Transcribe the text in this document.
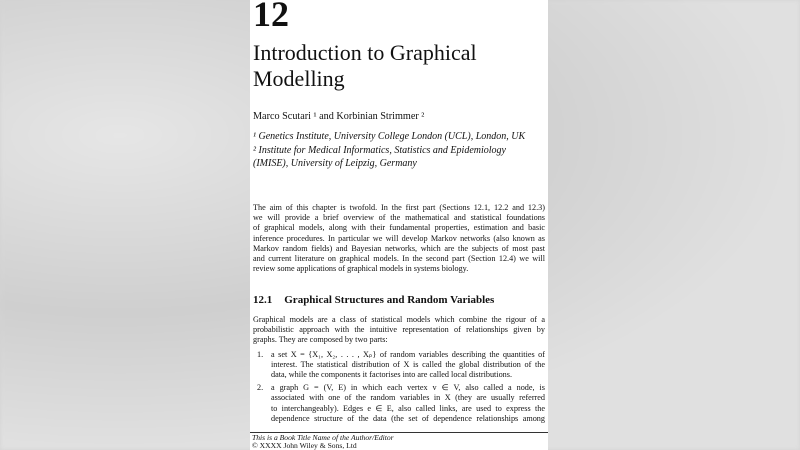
12
Introduction to Graphical
Modelling
Marco Scutari ¹ and Korbinian Strimmer ²
¹ Genetics Institute, University College London (UCL), London, UK
² Institute for Medical Informatics, Statistics and Epidemiology
(IMISE), University of Leipzig, Germany
The aim of this chapter is twofold. In the first part (Sections 12.1, 12.2 and 12.3)
we will provide a brief overview of the mathematical and statistical foundations
of graphical models, along with their fundamental properties, estimation and basic
inference procedures. In particular we will develop Markov networks (also known as
Markov random fields) and Bayesian networks, which are the subjects of most past
and current literature on graphical models. In the second part (Section 12.4) we will
review some applications of graphical models in systems biology.
12.1 Graphical Structures and Random Variables
Graphical models are a class of statistical models which combine the rigour of a
probabilistic approach with the intuitive representation of relationships given by
graphs. They are composed by two parts:
1. a set X = {X₁, X₂, . . . , Xₚ} of random variables describing the quantities of
interest. The statistical distribution of X is called the global distribution of the
data, while the components it factorises into are called local distributions.
2. a graph G = (V, E) in which each vertex v ∈ V, also called a node, is
associated with one of the random variables in X (they are usually referred
to interchangeably). Edges e ∈ E, also called links, are used to express the
dependence structure of the data (the set of dependence relationships among
This is a Book Title Name of the Author/Editor
© XXXX John Wiley & Sons, Ltd
